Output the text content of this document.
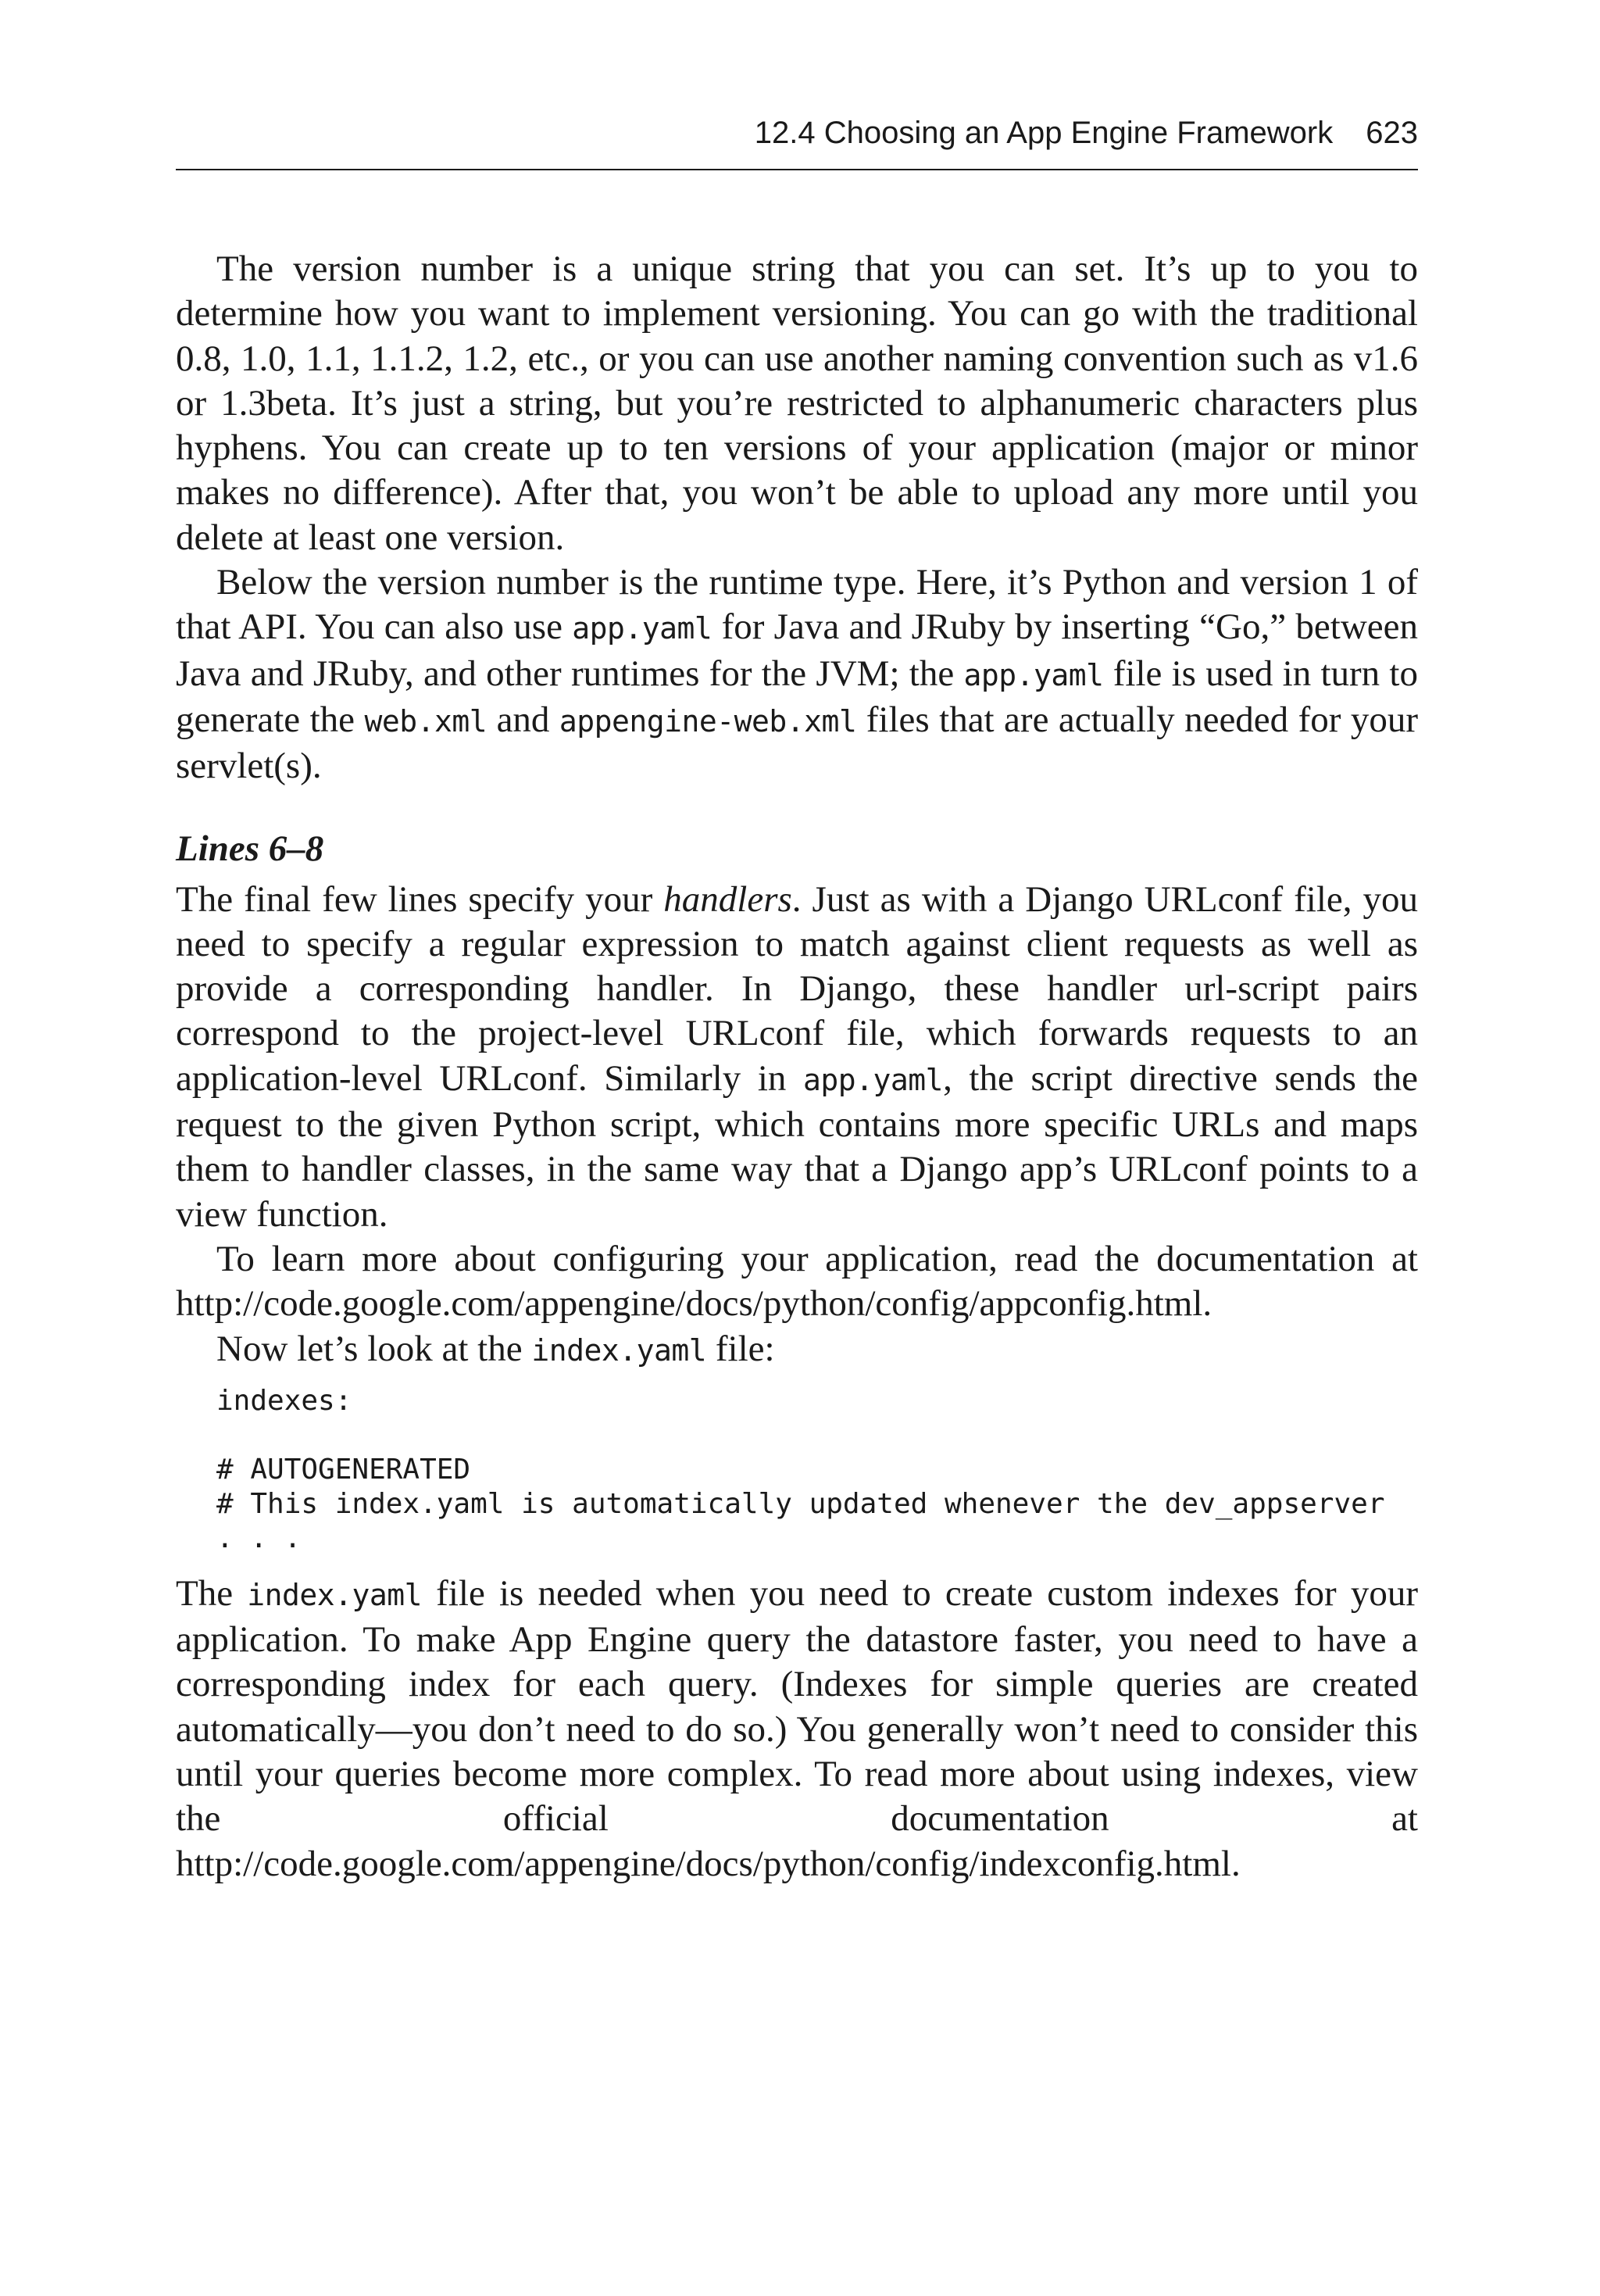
12.4 Choosing an App Engine Framework 623

The version number is a unique string that you can set. It’s up to you to determine how you want to implement versioning. You can go with the traditional 0.8, 1.0, 1.1, 1.1.2, 1.2, etc., or you can use another naming convention such as v1.6 or 1.3beta. It’s just a string, but you’re restricted to alphanumeric characters plus hyphens. You can create up to ten versions of your application (major or minor makes no difference). After that, you won’t be able to upload any more until you delete at least one version.

Below the version number is the runtime type. Here, it’s Python and version 1 of that API. You can also use app.yaml for Java and JRuby by inserting “Go,” between Java and JRuby, and other runtimes for the JVM; the app.yaml file is used in turn to generate the web.xml and appengine-web.xml files that are actually needed for your servlet(s).

Lines 6–8

The final few lines specify your handlers. Just as with a Django URLconf file, you need to specify a regular expression to match against client requests as well as provide a corresponding handler. In Django, these handler url-script pairs correspond to the project-level URLconf file, which forwards requests to an application-level URLconf. Similarly in app.yaml, the script directive sends the request to the given Python script, which contains more specific URLs and maps them to handler classes, in the same way that a Django app’s URLconf points to a view function.

To learn more about configuring your application, read the documentation at http://code.google.com/appengine/docs/python/config/appconfig.html.

Now let’s look at the index.yaml file:

indexes:
# AUTOGENERATED
# This index.yaml is automatically updated whenever the dev_appserver
. . .

The index.yaml file is needed when you need to create custom indexes for your application. To make App Engine query the datastore faster, you need to have a corresponding index for each query. (Indexes for simple queries are created automatically—you don’t need to do so.) You generally won’t need to consider this until your queries become more complex. To read more about using indexes, view the official documentation at http://code.google.com/appengine/docs/python/config/indexconfig.html.
